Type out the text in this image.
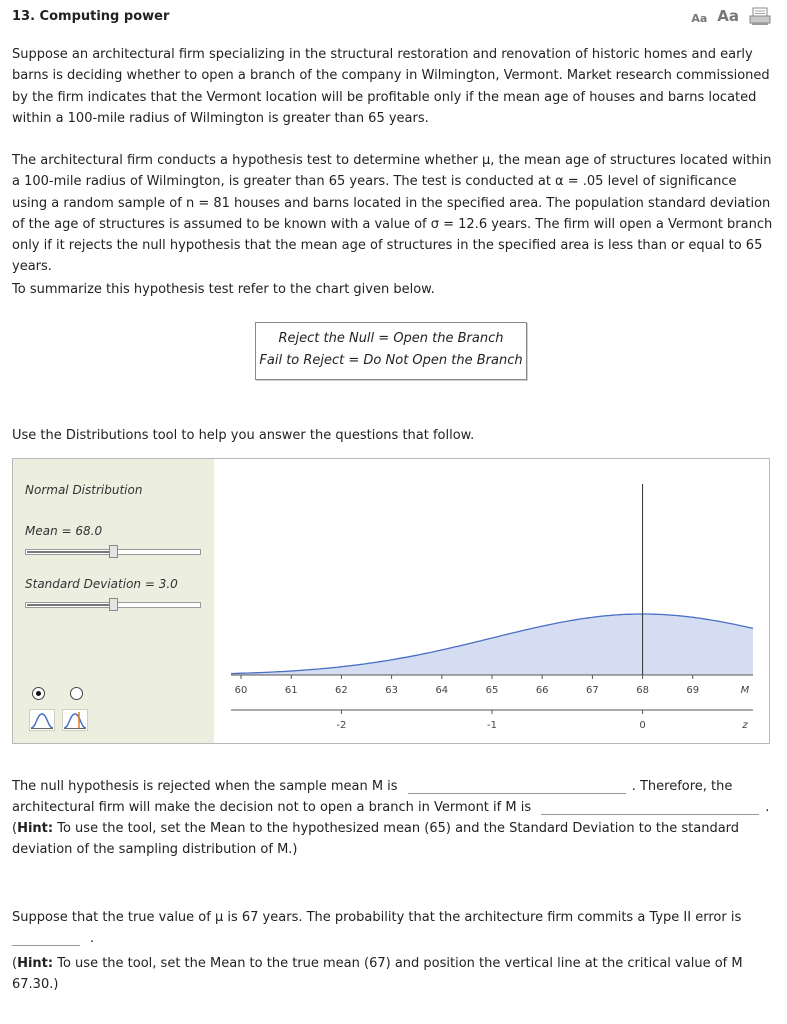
13. Computing power	Aa Aa
Suppose an architectural firm specializing in the structural restoration and renovation of historic homes and early barns is deciding whether to open a branch of the company in Wilmington, Vermont. Market research commissioned by the firm indicates that the Vermont location will be profitable only if the mean age of houses and barns located within a 100-mile radius of Wilmington is greater than 65 years.
The architectural firm conducts a hypothesis test to determine whether μ, the mean age of structures located within a 100-mile radius of Wilmington, is greater than 65 years. The test is conducted at α = .05 level of significance using a random sample of n = 81 houses and barns located in the specified area. The population standard deviation of the age of structures is assumed to be known with a value of σ = 12.6 years. The firm will open a Vermont branch only if it rejects the null hypothesis that the mean age of structures in the specified area is less than or equal to 65 years.
To summarize this hypothesis test refer to the chart given below.
Reject the Null = Open the Branch
Fail to Reject = Do Not Open the Branch
Use the Distributions tool to help you answer the questions that follow.
Normal Distribution
Mean = 68.0
Standard Deviation = 3.0
60	61	62	63	64	65	66	67	68	69	M
-2	-1	0	z
The null hypothesis is rejected when the sample mean M is	. Therefore, the architectural firm will make the decision not to open a branch in Vermont if M is	.
(Hint: To use the tool, set the Mean to the hypothesized mean (65) and the Standard Deviation to the standard deviation of the sampling distribution of M.)
Suppose that the true value of μ is 67 years. The probability that the architecture firm commits a Type II error is
.

(Hint: To use the tool, set the Mean to the true mean (67) and position the vertical line at the critical value of M 67.30.)
